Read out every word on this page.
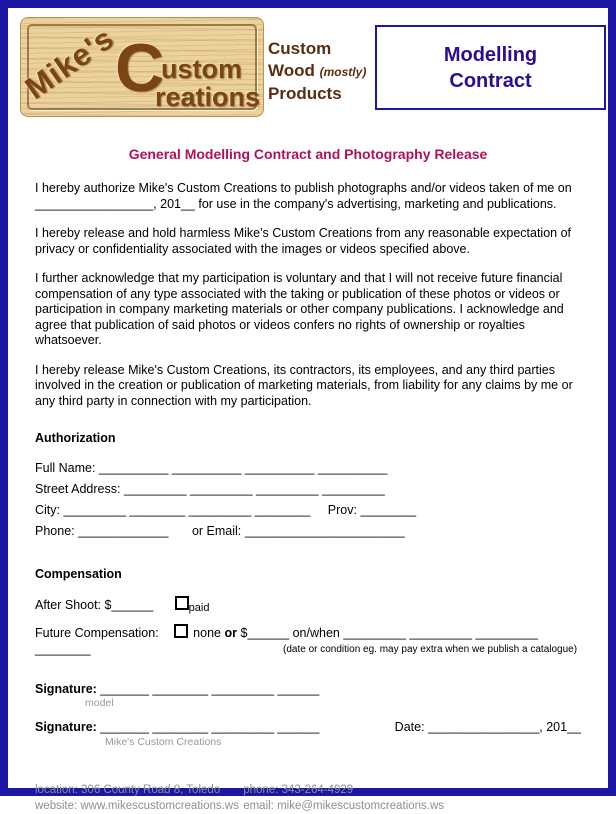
Mike's
C
ustom
reations
Custom
Wood (mostly)
Products
Modelling
Contract
General Modelling Contract and Photography Release
I hereby authorize Mike's Custom Creations to publish photographs and/or videos taken of me on
_________________, 201__ for use in the company's advertising, marketing and publications.
I hereby release and hold harmless Mike's Custom Creations from any reasonable expectation of privacy or confidentiality associated with the images or videos specified above.
I further acknowledge that my participation is voluntary and that I will not receive future financial compensation of any type associated with the taking or publication of these photos or videos or participation in company marketing materials or other company publications. I acknowledge and agree that publication of said photos or videos confers no rights of ownership or royalties whatsoever.
I hereby release Mike's Custom Creations, its contractors, its employees, and any third parties involved in the creation or publication of marketing materials, from liability for any claims by me or any third party in connection with my participation.
Authorization
Full Name: __________ __________ __________ __________
Street Address: _________ _________ _________ _________
City: _________ ________ _________ ________ Prov: ________
Phone: _____________ or Email: _______________________
Compensation
After Shoot: $______	paid
Future Compensation:	none or $______ on/when _________ _________ _________ ________	(date or condition eg. may pay extra when we publish a catalogue)
Signature: _______ ________ _________ ______
model
Signature: _______ ________ _________ ______	Date: ________________, 201__
Mike's Custom Creations
location: 306 County Road 8, Toledo phone: 343-264-4929
website: www.mikescustomcreations.ws email: mike@mikescustomcreations.ws
